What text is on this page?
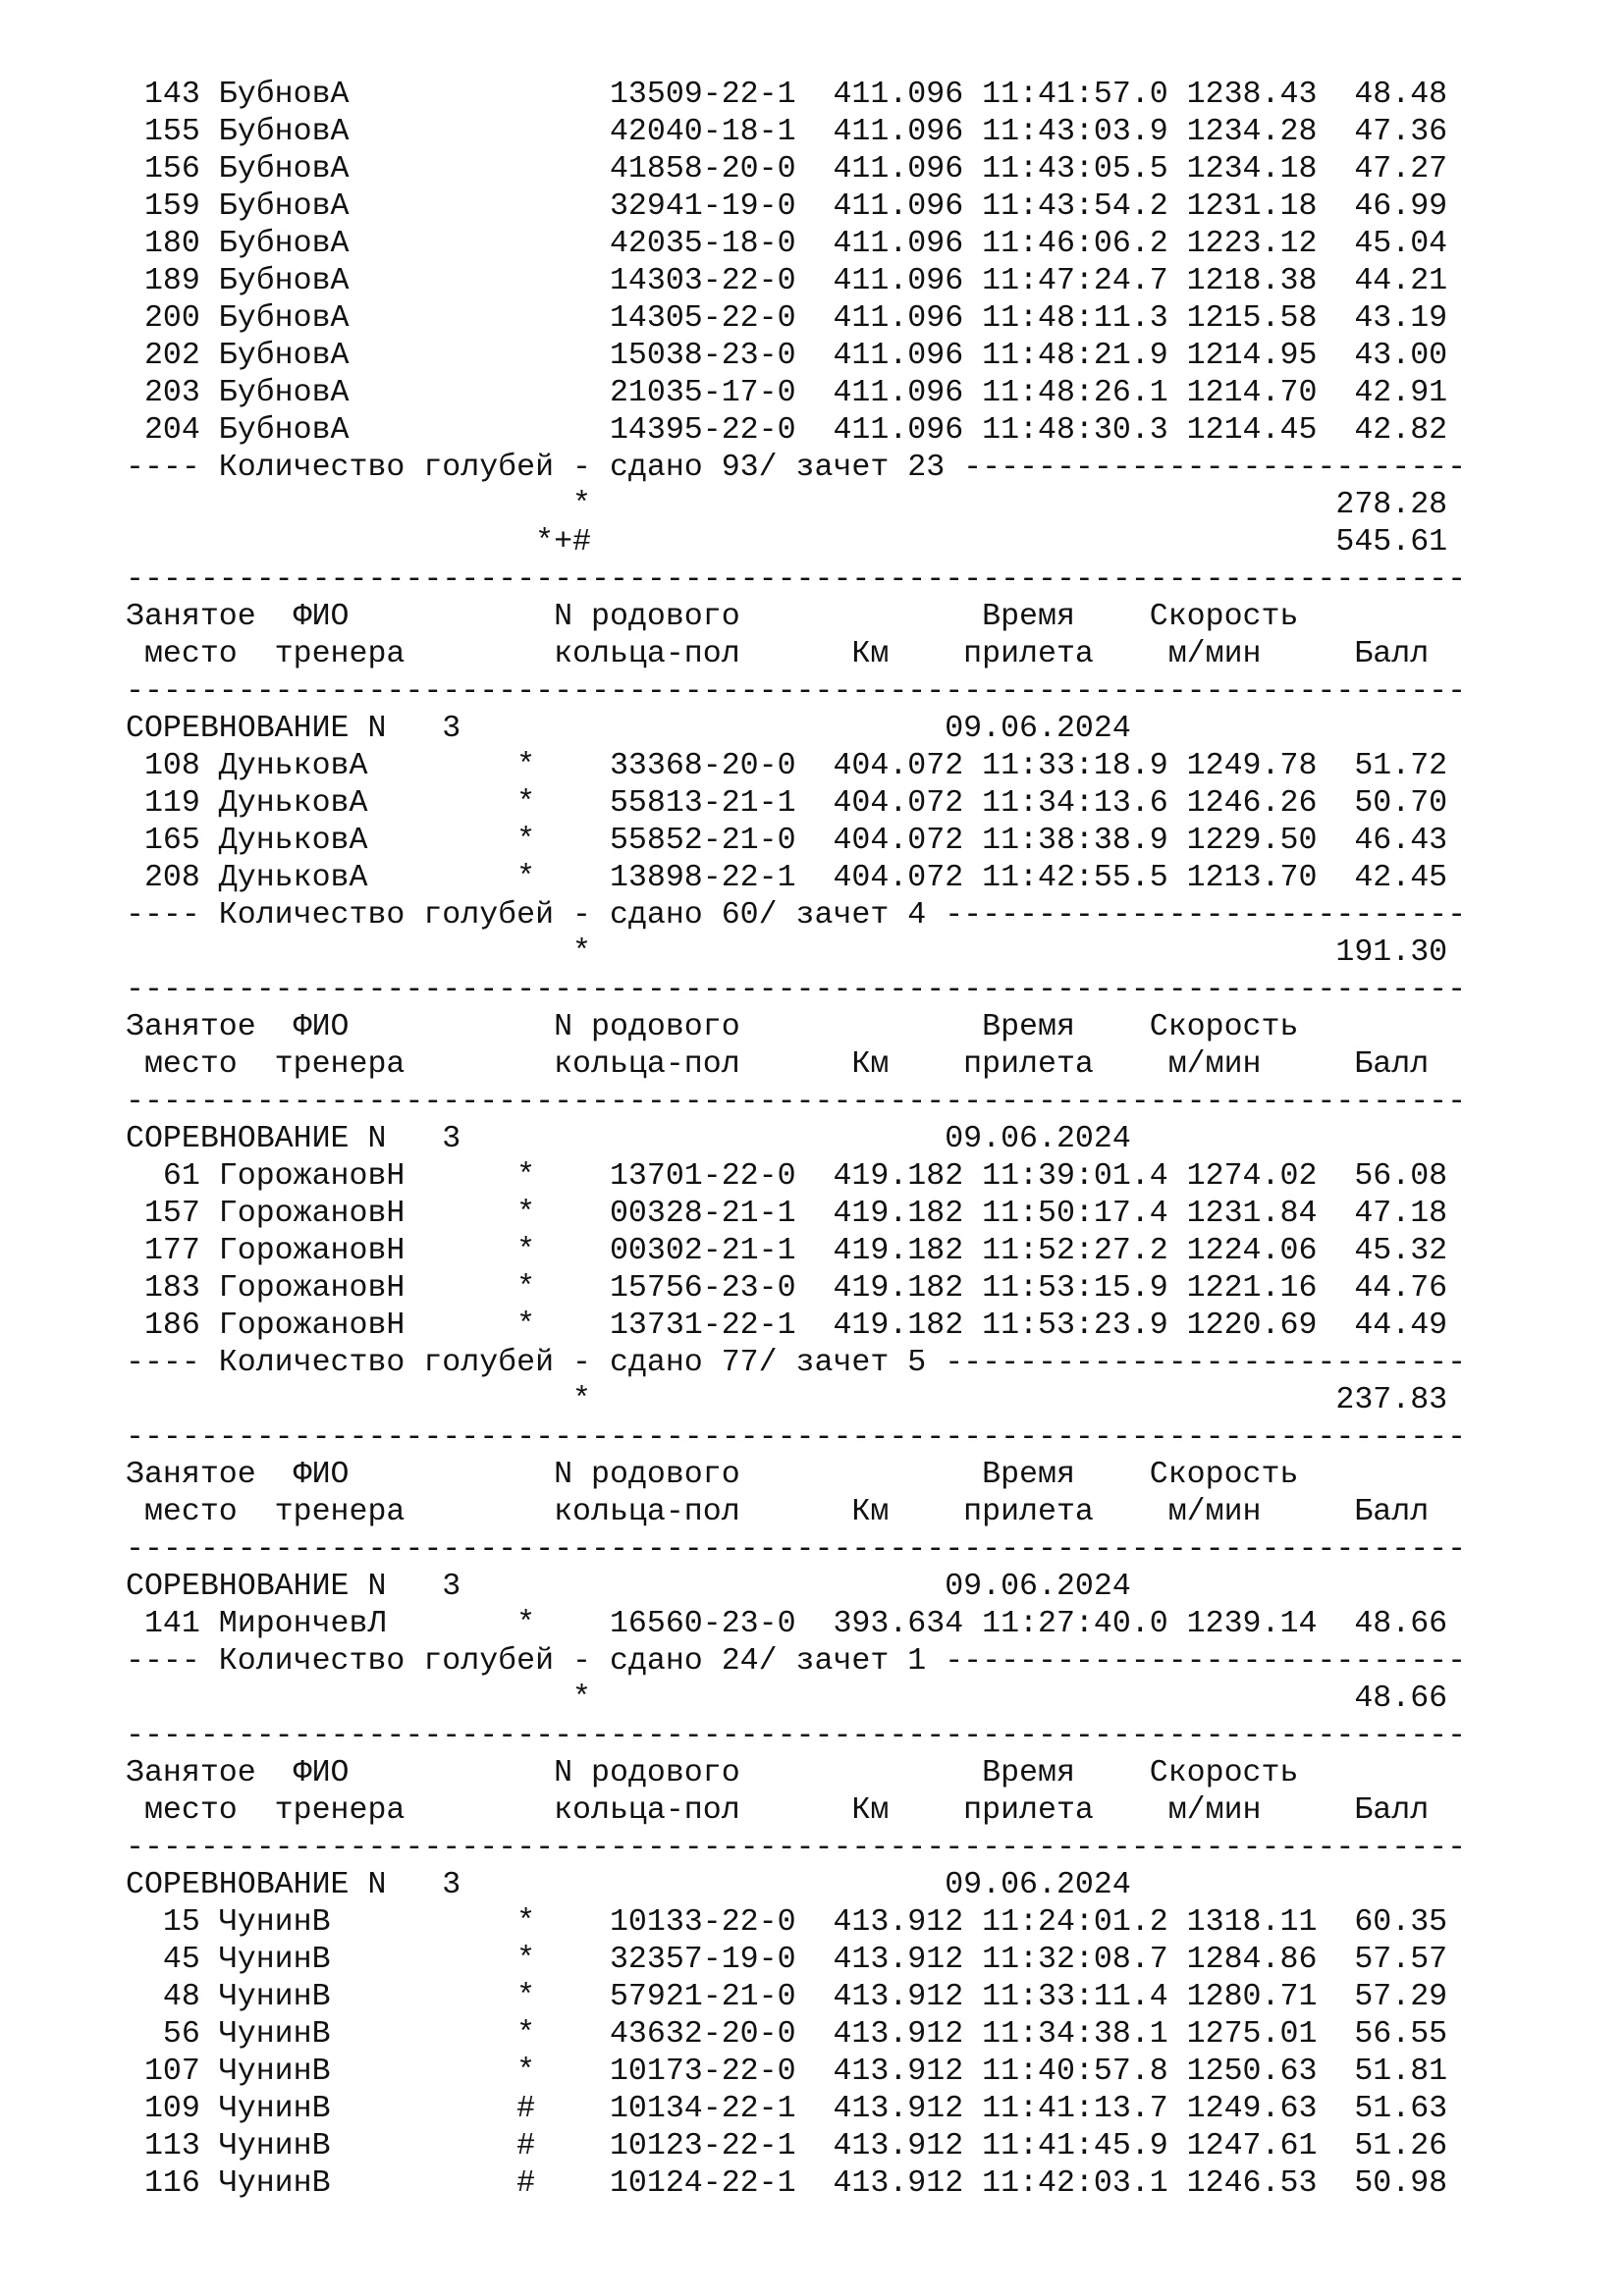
143 БубновА              13509-22-1  411.096 11:41:57.0 1238.43  48.48
155 БубновА              42040-18-1  411.096 11:43:03.9 1234.28  47.36
156 БубновА              41858-20-0  411.096 11:43:05.5 1234.18  47.27
159 БубновА              32941-19-0  411.096 11:43:54.2 1231.18  46.99
180 БубновА              42035-18-0  411.096 11:46:06.2 1223.12  45.04
189 БубновА              14303-22-0  411.096 11:47:24.7 1218.38  44.21
200 БубновА              14305-22-0  411.096 11:48:11.3 1215.58  43.19
202 БубновА              15038-23-0  411.096 11:48:21.9 1214.95  43.00
203 БубновА              21035-17-0  411.096 11:48:26.1 1214.70  42.91
204 БубновА              14395-22-0  411.096 11:48:30.3 1214.45  42.82
---- Количество голубей - сдано 93/ зачет 23 ---------------------------
*                                        278.28
*+#                                        545.61
------------------------------------------------------------------------
Занятое  ФИО           N родового             Время    Скорость
место  тренера        кольца-пол      Км    прилета    м/мин     Балл
------------------------------------------------------------------------
СОРЕВНОВАНИЕ N   3                          09.06.2024
108 ДуньковА        *    33368-20-0  404.072 11:33:18.9 1249.78  51.72
119 ДуньковА        *    55813-21-1  404.072 11:34:13.6 1246.26  50.70
165 ДуньковА        *    55852-21-0  404.072 11:38:38.9 1229.50  46.43
208 ДуньковА        *    13898-22-1  404.072 11:42:55.5 1213.70  42.45
---- Количество голубей - сдано 60/ зачет 4 ----------------------------
*                                        191.30
------------------------------------------------------------------------
Занятое  ФИО           N родового             Время    Скорость
место  тренера        кольца-пол      Км    прилета    м/мин     Балл
------------------------------------------------------------------------
СОРЕВНОВАНИЕ N   3                          09.06.2024
61 ГорожановН      *    13701-22-0  419.182 11:39:01.4 1274.02  56.08
157 ГорожановН      *    00328-21-1  419.182 11:50:17.4 1231.84  47.18
177 ГорожановН      *    00302-21-1  419.182 11:52:27.2 1224.06  45.32
183 ГорожановН      *    15756-23-0  419.182 11:53:15.9 1221.16  44.76
186 ГорожановН      *    13731-22-1  419.182 11:53:23.9 1220.69  44.49
---- Количество голубей - сдано 77/ зачет 5 ----------------------------
*                                        237.83
------------------------------------------------------------------------
Занятое  ФИО           N родового             Время    Скорость
место  тренера        кольца-пол      Км    прилета    м/мин     Балл
------------------------------------------------------------------------
СОРЕВНОВАНИЕ N   3                          09.06.2024
141 МирончевЛ       *    16560-23-0  393.634 11:27:40.0 1239.14  48.66
---- Количество голубей - сдано 24/ зачет 1 ----------------------------
*                                         48.66
------------------------------------------------------------------------
Занятое  ФИО           N родового             Время    Скорость
место  тренера        кольца-пол      Км    прилета    м/мин     Балл
------------------------------------------------------------------------
СОРЕВНОВАНИЕ N   3                          09.06.2024
15 ЧунинВ          *    10133-22-0  413.912 11:24:01.2 1318.11  60.35
45 ЧунинВ          *    32357-19-0  413.912 11:32:08.7 1284.86  57.57
48 ЧунинВ          *    57921-21-0  413.912 11:33:11.4 1280.71  57.29
56 ЧунинВ          *    43632-20-0  413.912 11:34:38.1 1275.01  56.55
107 ЧунинВ          *    10173-22-0  413.912 11:40:57.8 1250.63  51.81
109 ЧунинВ          #    10134-22-1  413.912 11:41:13.7 1249.63  51.63
113 ЧунинВ          #    10123-22-1  413.912 11:41:45.9 1247.61  51.26
116 ЧунинВ          #    10124-22-1  413.912 11:42:03.1 1246.53  50.98
